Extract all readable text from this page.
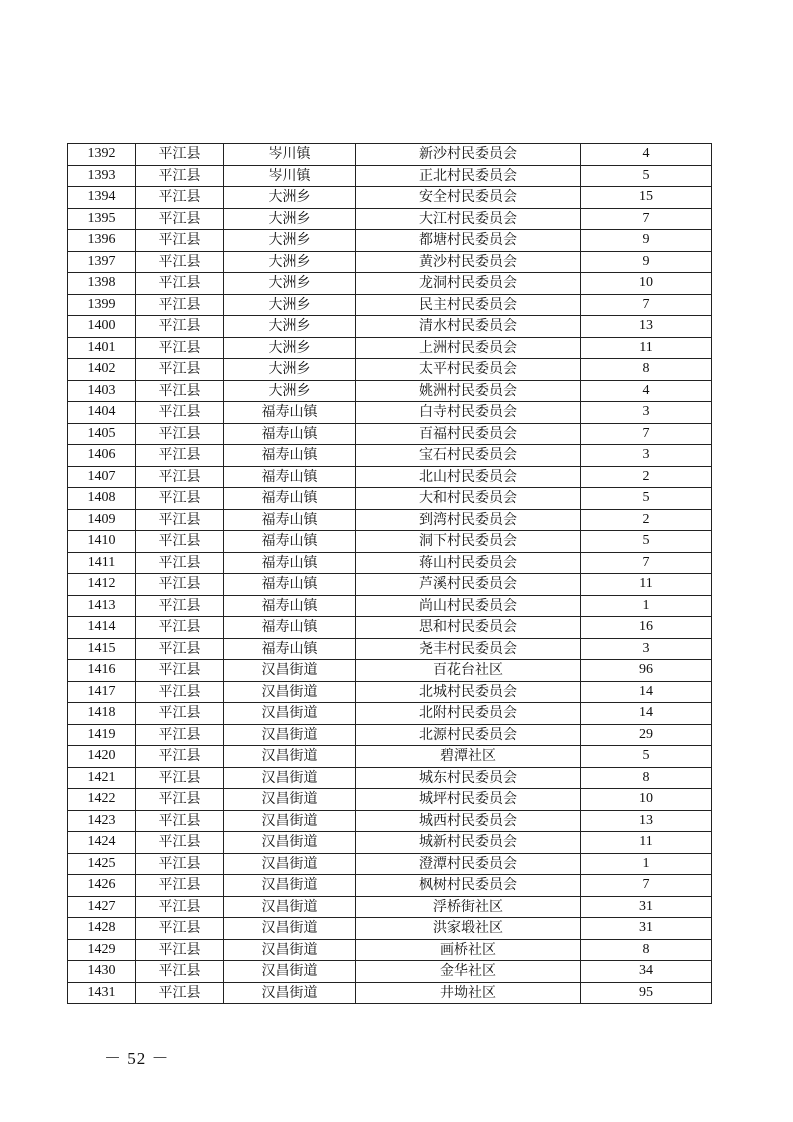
1392	平江县	岑川镇	新沙村民委员会	4
1393	平江县	岑川镇	正北村民委员会	5
1394	平江县	大洲乡	安全村民委员会	15
1395	平江县	大洲乡	大江村民委员会	7
1396	平江县	大洲乡	都塘村民委员会	9
1397	平江县	大洲乡	黄沙村民委员会	9
1398	平江县	大洲乡	龙洞村民委员会	10
1399	平江县	大洲乡	民主村民委员会	7
1400	平江县	大洲乡	清水村民委员会	13
1401	平江县	大洲乡	上洲村民委员会	11
1402	平江县	大洲乡	太平村民委员会	8
1403	平江县	大洲乡	姚洲村民委员会	4
1404	平江县	福寿山镇	白寺村民委员会	3
1405	平江县	福寿山镇	百福村民委员会	7
1406	平江县	福寿山镇	宝石村民委员会	3
1407	平江县	福寿山镇	北山村民委员会	2
1408	平江县	福寿山镇	大和村民委员会	5
1409	平江县	福寿山镇	到湾村民委员会	2
1410	平江县	福寿山镇	洞下村民委员会	5
1411	平江县	福寿山镇	蒋山村民委员会	7
1412	平江县	福寿山镇	芦溪村民委员会	11
1413	平江县	福寿山镇	尚山村民委员会	1
1414	平江县	福寿山镇	思和村民委员会	16
1415	平江县	福寿山镇	尧丰村民委员会	3
1416	平江县	汉昌街道	百花台社区	96
1417	平江县	汉昌街道	北城村民委员会	14
1418	平江县	汉昌街道	北附村民委员会	14
1419	平江县	汉昌街道	北源村民委员会	29
1420	平江县	汉昌街道	碧潭社区	5
1421	平江县	汉昌街道	城东村民委员会	8
1422	平江县	汉昌街道	城坪村民委员会	10
1423	平江县	汉昌街道	城西村民委员会	13
1424	平江县	汉昌街道	城新村民委员会	11
1425	平江县	汉昌街道	澄潭村民委员会	1
1426	平江县	汉昌街道	枫树村民委员会	7
1427	平江县	汉昌街道	浮桥街社区	31
1428	平江县	汉昌街道	洪家塅社区	31
1429	平江县	汉昌街道	画桥社区	8
1430	平江县	汉昌街道	金华社区	34
1431	平江县	汉昌街道	井坳社区	95
－ 52 －
